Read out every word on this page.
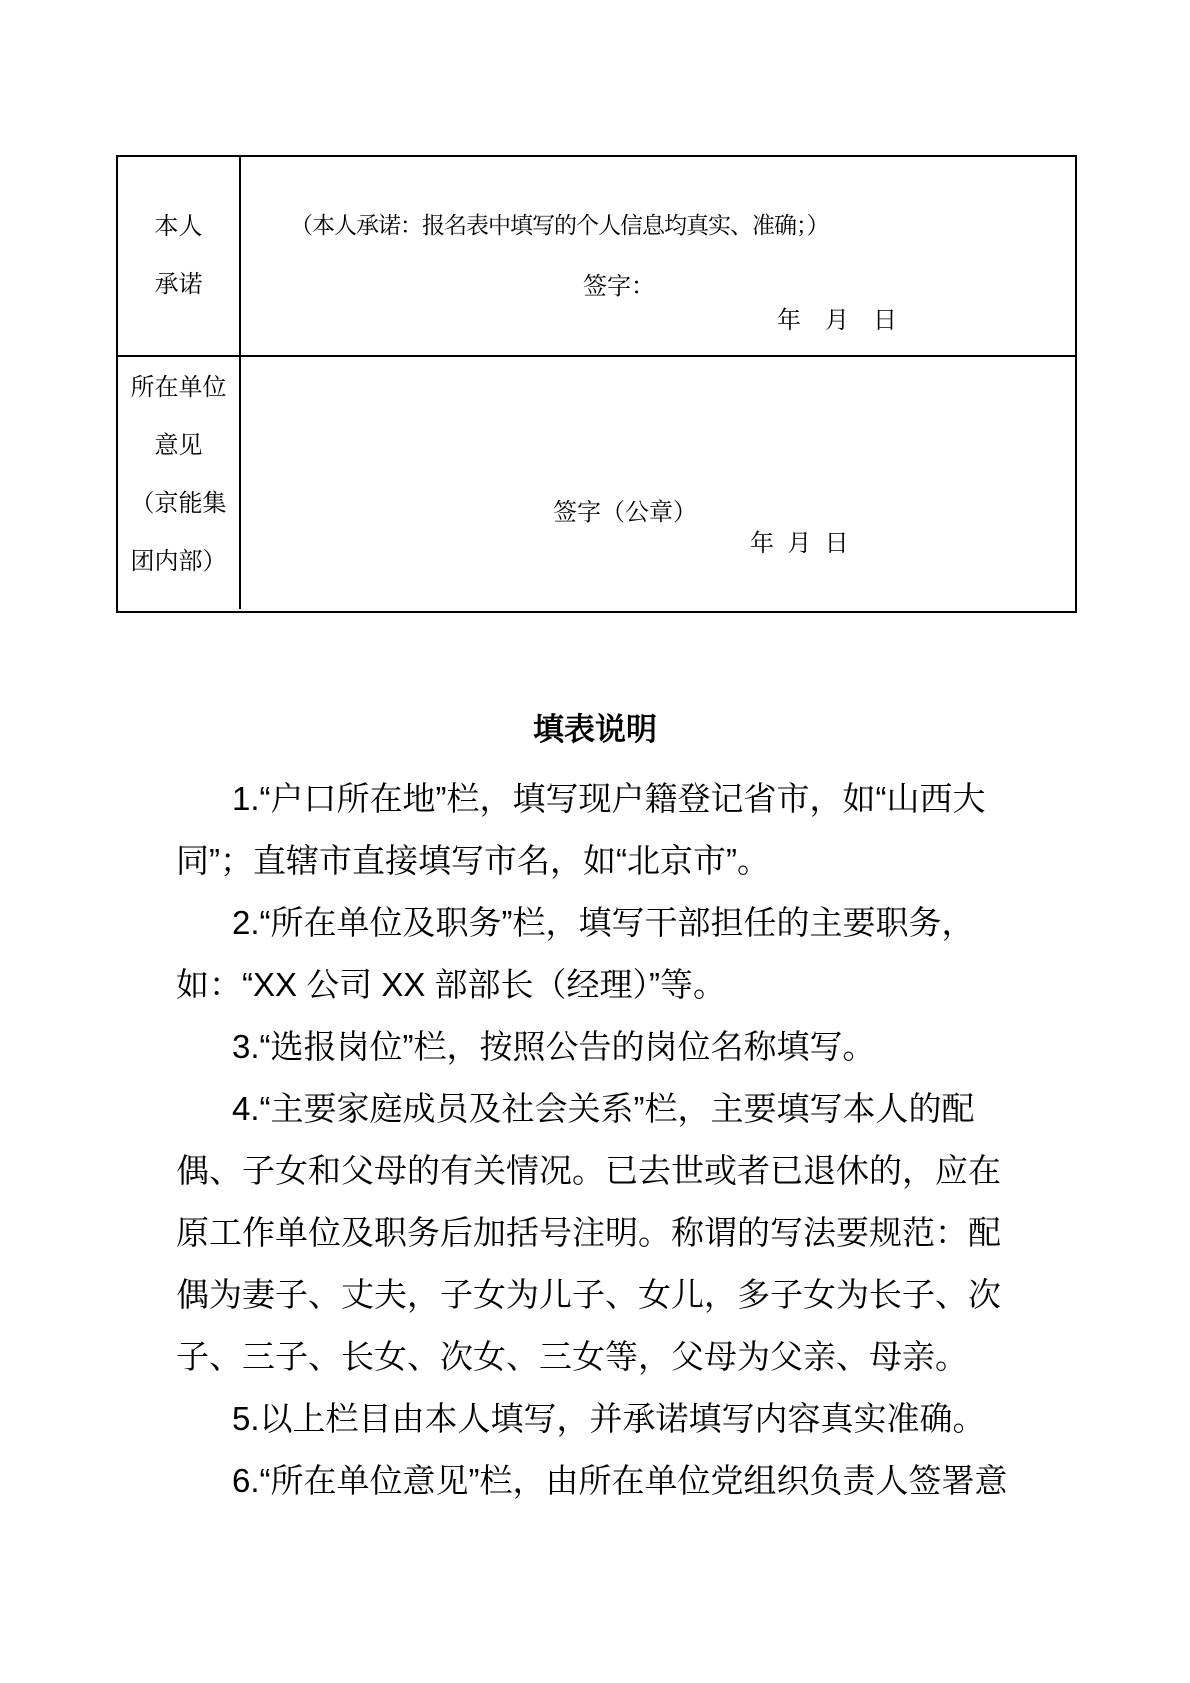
本人
承诺
（本人承诺：报名表中填写的个人信息均真实、准确；）
签字：
年　月　日
所在单位
意见
（京能集
团内部）
签字（公章）
年  月  日
填表说明
1.“户口所在地”栏，填写现户籍登记省市，如“山西大
同”；直辖市直接填写市名，如“北京市”。
2.“所在单位及职务”栏，填写干部担任的主要职务，
如：“XX 公司 XX 部部长（经理）”等。
3.“选报岗位”栏，按照公告的岗位名称填写。
4.“主要家庭成员及社会关系”栏，主要填写本人的配
偶、子女和父母的有关情况。已去世或者已退休的，应在
原工作单位及职务后加括号注明。称谓的写法要规范：配
偶为妻子、丈夫，子女为儿子、女儿，多子女为长子、次
子、三子、长女、次女、三女等，父母为父亲、母亲。
5.以上栏目由本人填写，并承诺填写内容真实准确。
6.“所在单位意见”栏，由所在单位党组织负责人签署意
